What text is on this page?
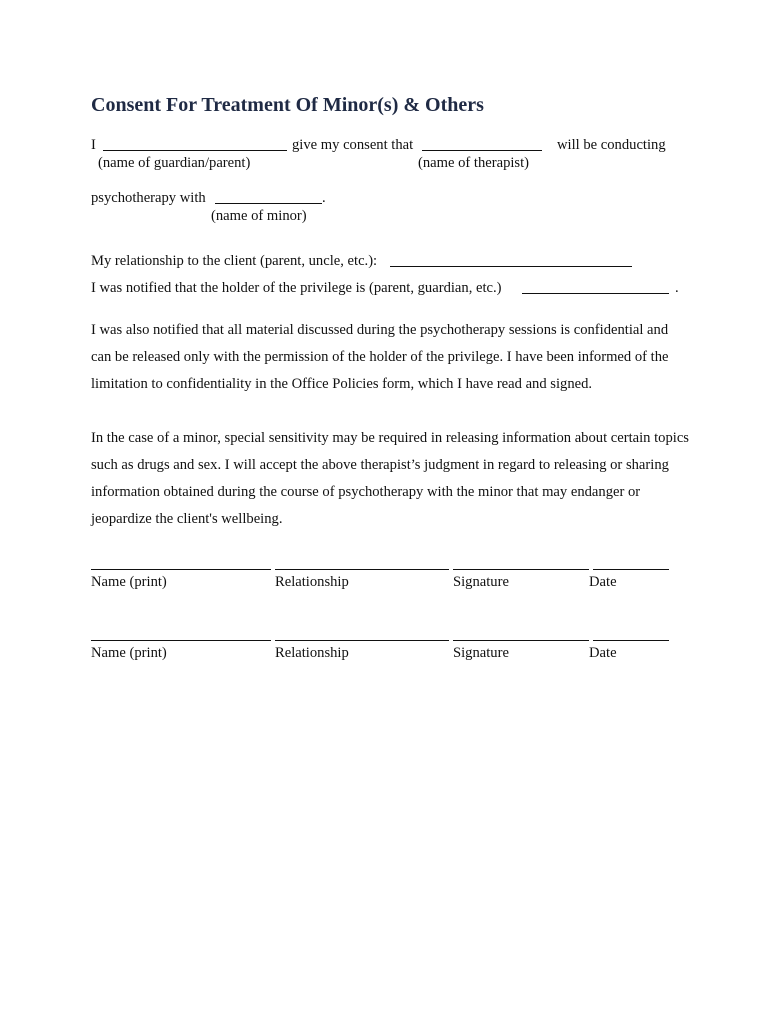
Consent For Treatment Of Minor(s) & Others
I	give my consent that	will be conducting
(name of guardian/parent)	(name of therapist)
psychotherapy with	.
(name of minor)
My relationship to the client (parent, uncle, etc.):
I was notified that the holder of the privilege is (parent, guardian, etc.)	.
I was also notified that all material discussed during the psychotherapy sessions is confidential and can be released only with the permission of the holder of the privilege. I have been informed of the limitation to confidentiality in the Office Policies form, which I have read and signed.
In the case of a minor, special sensitivity may be required in releasing information about certain topics such as drugs and sex. I will accept the above therapist’s judgment in regard to releasing or sharing information obtained during the course of psychotherapy with the minor that may endanger or jeopardize the client's wellbeing.
Name (print)	Relationship	Signature	Date
Name (print)	Relationship	Signature	Date
